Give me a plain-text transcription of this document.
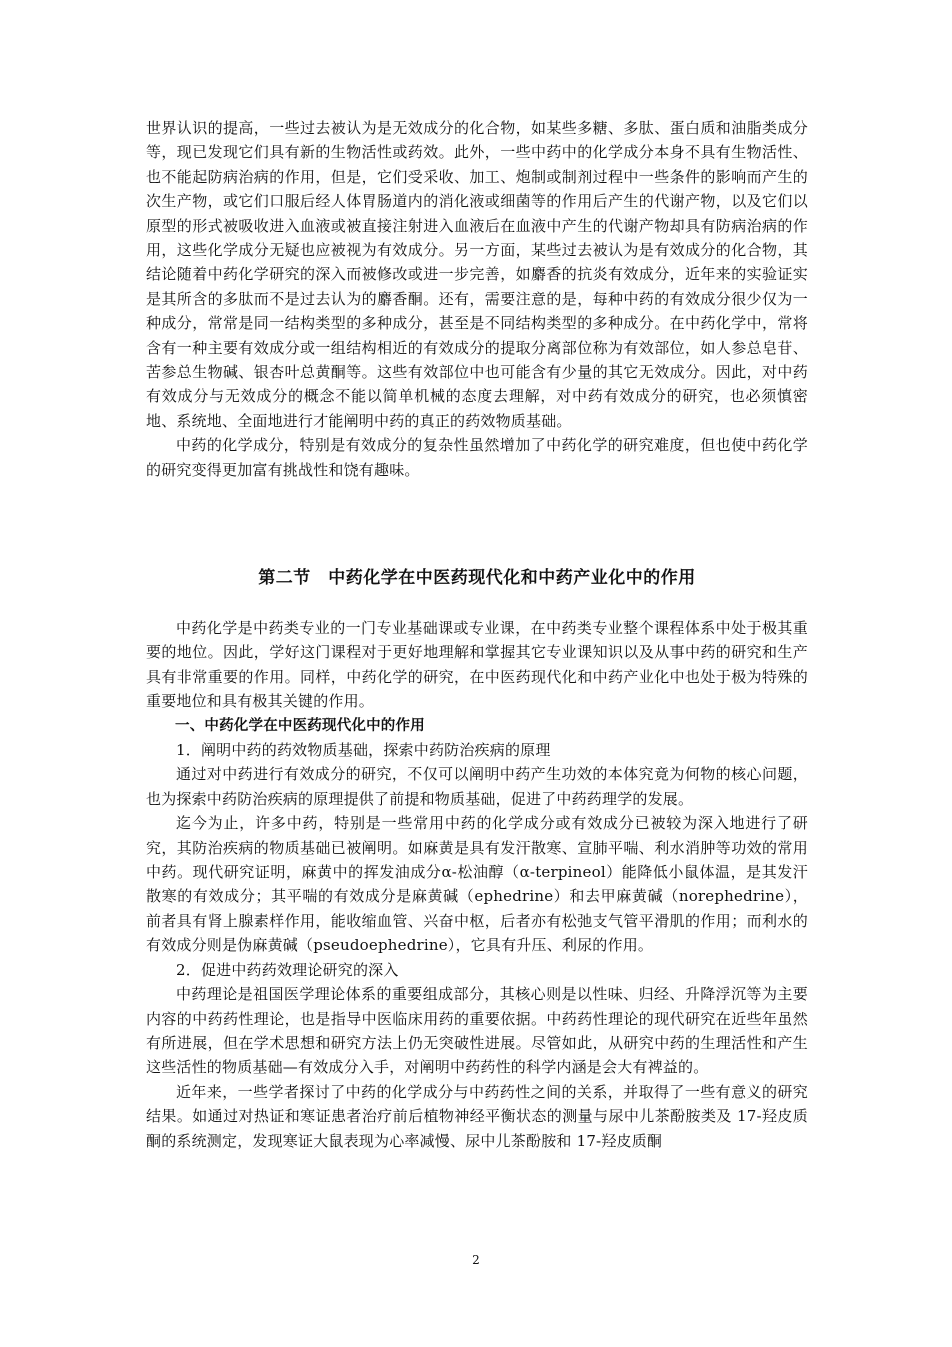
世界认识的提高，一些过去被认为是无效成分的化合物，如某些多糖、多肽、蛋白质和油脂类成分等，现已发现它们具有新的生物活性或药效。此外，一些中药中的化学成分本身不具有生物活性、也不能起防病治病的作用，但是，它们受采收、加工、炮制或制剂过程中一些条件的影响而产生的次生产物，或它们口服后经人体胃肠道内的消化液或细菌等的作用后产生的代谢产物，以及它们以原型的形式被吸收进入血液或被直接注射进入血液后在血液中产生的代谢产物却具有防病治病的作用，这些化学成分无疑也应被视为有效成分。另一方面，某些过去被认为是有效成分的化合物，其结论随着中药化学研究的深入而被修改或进一步完善，如麝香的抗炎有效成分，近年来的实验证实是其所含的多肽而不是过去认为的麝香酮。还有，需要注意的是，每种中药的有效成分很少仅为一种成分，常常是同一结构类型的多种成分，甚至是不同结构类型的多种成分。在中药化学中，常将含有一种主要有效成分或一组结构相近的有效成分的提取分离部位称为有效部位，如人参总皂苷、苦参总生物碱、银杏叶总黄酮等。这些有效部位中也可能含有少量的其它无效成分。因此，对中药有效成分与无效成分的概念不能以简单机械的态度去理解，对中药有效成分的研究，也必须慎密地、系统地、全面地进行才能阐明中药的真正的药效物质基础。

中药的化学成分，特别是有效成分的复杂性虽然增加了中药化学的研究难度，但也使中药化学的研究变得更加富有挑战性和饶有趣味。

第二节　中药化学在中医药现代化和中药产业化中的作用

中药化学是中药类专业的一门专业基础课或专业课，在中药类专业整个课程体系中处于极其重要的地位。因此，学好这门课程对于更好地理解和掌握其它专业课知识以及从事中药的研究和生产具有非常重要的作用。同样，中药化学的研究，在中医药现代化和中药产业化中也处于极为特殊的重要地位和具有极其关键的作用。

一、中药化学在中医药现代化中的作用

1．阐明中药的药效物质基础，探索中药防治疾病的原理

通过对中药进行有效成分的研究，不仅可以阐明中药产生功效的本体究竟为何物的核心问题，也为探索中药防治疾病的原理提供了前提和物质基础，促进了中药药理学的发展。

迄今为止，许多中药，特别是一些常用中药的化学成分或有效成分已被较为深入地进行了研究，其防治疾病的物质基础已被阐明。如麻黄是具有发汗散寒、宣肺平喘、利水消肿等功效的常用中药。现代研究证明，麻黄中的挥发油成分α-松油醇（α-terpineol）能降低小鼠体温，是其发汗散寒的有效成分；其平喘的有效成分是麻黄碱（ephedrine）和去甲麻黄碱（norephedrine），前者具有肾上腺素样作用，能收缩血管、兴奋中枢，后者亦有松弛支气管平滑肌的作用；而利水的有效成分则是伪麻黄碱（pseudoephedrine），它具有升压、利尿的作用。

2．促进中药药效理论研究的深入

中药理论是祖国医学理论体系的重要组成部分，其核心则是以性味、归经、升降浮沉等为主要内容的中药药性理论，也是指导中医临床用药的重要依据。中药药性理论的现代研究在近些年虽然有所进展，但在学术思想和研究方法上仍无突破性进展。尽管如此，从研究中药的生理活性和产生这些活性的物质基础—有效成分入手，对阐明中药药性的科学内涵是会大有裨益的。

近年来，一些学者探讨了中药的化学成分与中药药性之间的关系，并取得了一些有意义的研究结果。如通过对热证和寒证患者治疗前后植物神经平衡状态的测量与尿中儿茶酚胺类及 17-羟皮质酮的系统测定，发现寒证大鼠表现为心率减慢、尿中儿茶酚胺和 17-羟皮质酮

2
